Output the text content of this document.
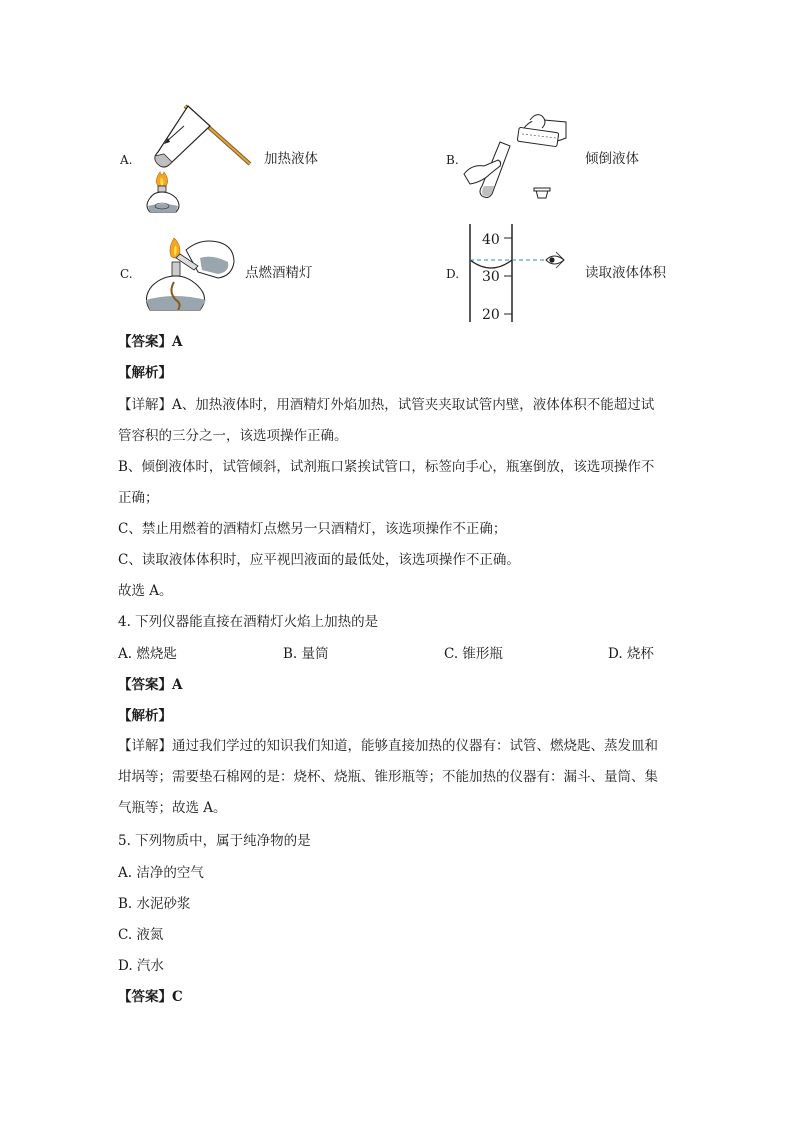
A.	加热液体	B.	倾倒液体
C.	点燃酒精灯	D.
40
30
20
读取液体体积
【答案】A
【解析】
【详解】A、加热液体时，用酒精灯外焰加热，试管夹夹取试管内壁，液体体积不能超过试
管容积的三分之一，该选项操作正确。
B、倾倒液体时，试管倾斜，试剂瓶口紧挨试管口，标签向手心，瓶塞倒放，该选项操作不
正确；
C、禁止用燃着的酒精灯点燃另一只酒精灯，该选项操作不正确；
C、读取液体体积时，应平视凹液面的最低处，该选项操作不正确。
故选 A。
4. 下列仪器能直接在酒精灯火焰上加热的是
A. 燃烧匙	B. 量筒	C. 锥形瓶	D. 烧杯
【答案】A
【解析】
【详解】通过我们学过的知识我们知道，能够直接加热的仪器有：试管、燃烧匙、蒸发皿和
坩埚等；需要垫石棉网的是：烧杯、烧瓶、锥形瓶等；不能加热的仪器有：漏斗、量筒、集
气瓶等；故选 A。
5. 下列物质中，属于纯净物的是
A. 洁净的空气
B. 水泥砂浆
C. 液氮
D. 汽水
【答案】C
